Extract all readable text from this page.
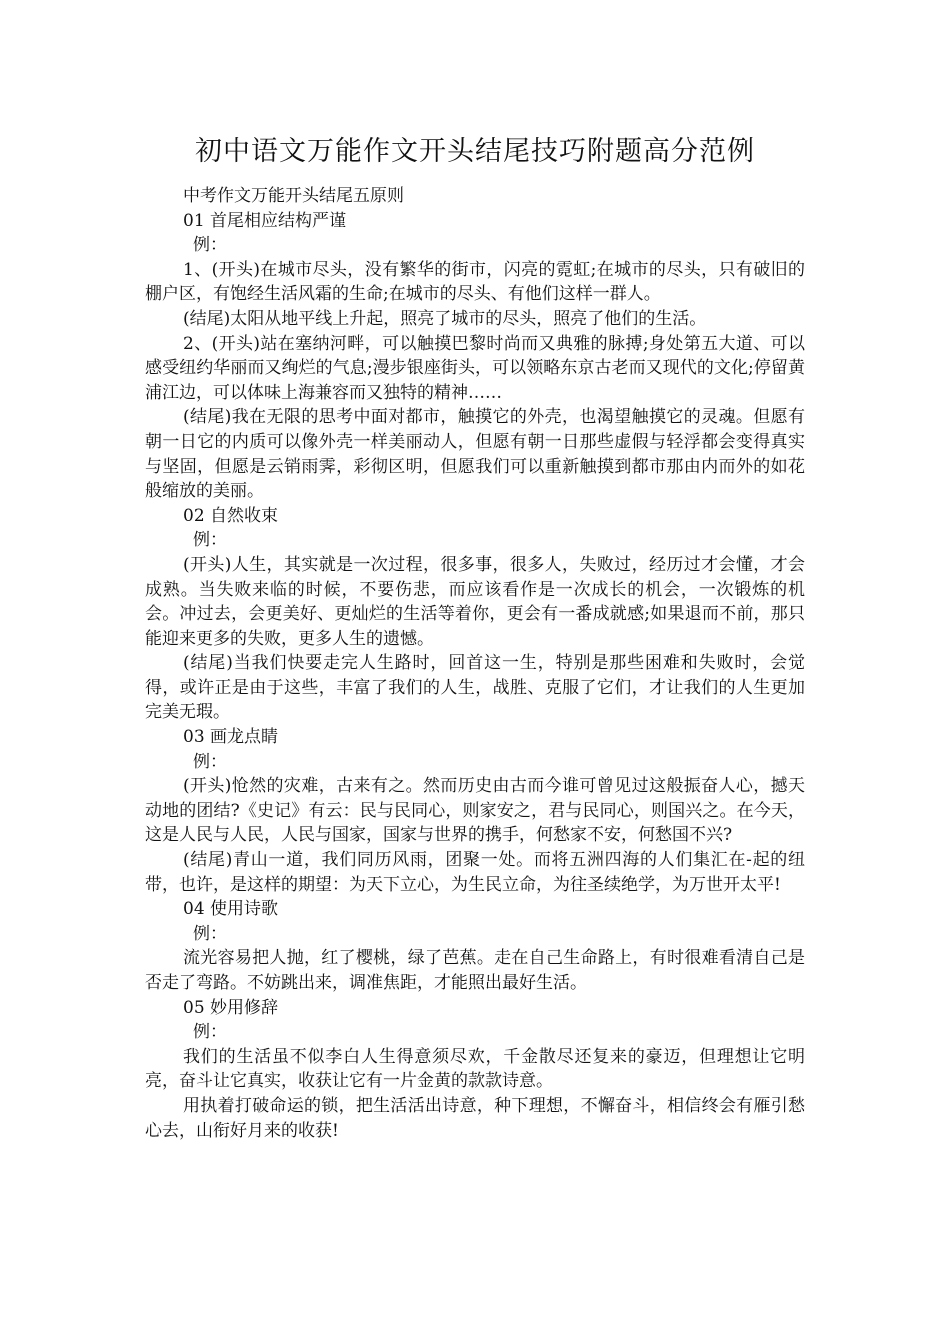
初中语文万能作文开头结尾技巧附题高分范例

中考作文万能开头结尾五原则

01 首尾相应结构严谨

例：

1、(开头)在城市尽头，没有繁华的街市，闪亮的霓虹;在城市的尽头，只有破旧的棚户区，有饱经生活风霜的生命;在城市的尽头、有他们这样一群人。

(结尾)太阳从地平线上升起，照亮了城市的尽头，照亮了他们的生活。

2、(开头)站在塞纳河畔，可以触摸巴黎时尚而又典雅的脉搏;身处第五大道、可以感受纽约华丽而又绚烂的气息;漫步银座街头，可以领略东京古老而又现代的文化;停留黄浦江边，可以体味上海兼容而又独特的精神……

(结尾)我在无限的思考中面对都市，触摸它的外壳，也渴望触摸它的灵魂。但愿有朝一日它的内质可以像外壳一样美丽动人，但愿有朝一日那些虚假与轻浮都会变得真实与坚固，但愿是云销雨霁，彩彻区明，但愿我们可以重新触摸到都市那由内而外的如花般缩放的美丽。

02 自然收束

例：

(开头)人生，其实就是一次过程，很多事，很多人，失败过，经历过才会懂，才会成熟。当失败来临的时候，不要伤悲，而应该看作是一次成长的机会，一次锻炼的机会。冲过去，会更美好、更灿烂的生活等着你，更会有一番成就感;如果退而不前，那只能迎来更多的失败，更多人生的遗憾。

(结尾)当我们快要走完人生路时，回首这一生，特别是那些困难和失败时，会觉得，或许正是由于这些，丰富了我们的人生，战胜、克服了它们，才让我们的人生更加完美无瑕。

03 画龙点睛

例：

(开头)怆然的灾难，古来有之。然而历史由古而今谁可曾见过这般振奋人心，撼天动地的团结?《史记》有云：民与民同心，则家安之，君与民同心，则国兴之。在今天，这是人民与人民，人民与国家，国家与世界的携手，何愁家不安，何愁国不兴?

(结尾)青山一道，我们同历风雨，团聚一处。而将五洲四海的人们集汇在-起的纽带，也许，是这样的期望：为天下立心，为生民立命，为往圣续绝学，为万世开太平!

04 使用诗歌

例：

流光容易把人抛，红了樱桃，绿了芭蕉。走在自己生命路上，有时很难看清自己是否走了弯路。不妨跳出来，调准焦距，才能照出最好生活。

05 妙用修辞

例：

我们的生活虽不似李白人生得意须尽欢，千金散尽还复来的豪迈，但理想让它明亮，奋斗让它真实，收获让它有一片金黄的款款诗意。

用执着打破命运的锁，把生活活出诗意，种下理想，不懈奋斗，相信终会有雁引愁心去，山衔好月来的收获!
